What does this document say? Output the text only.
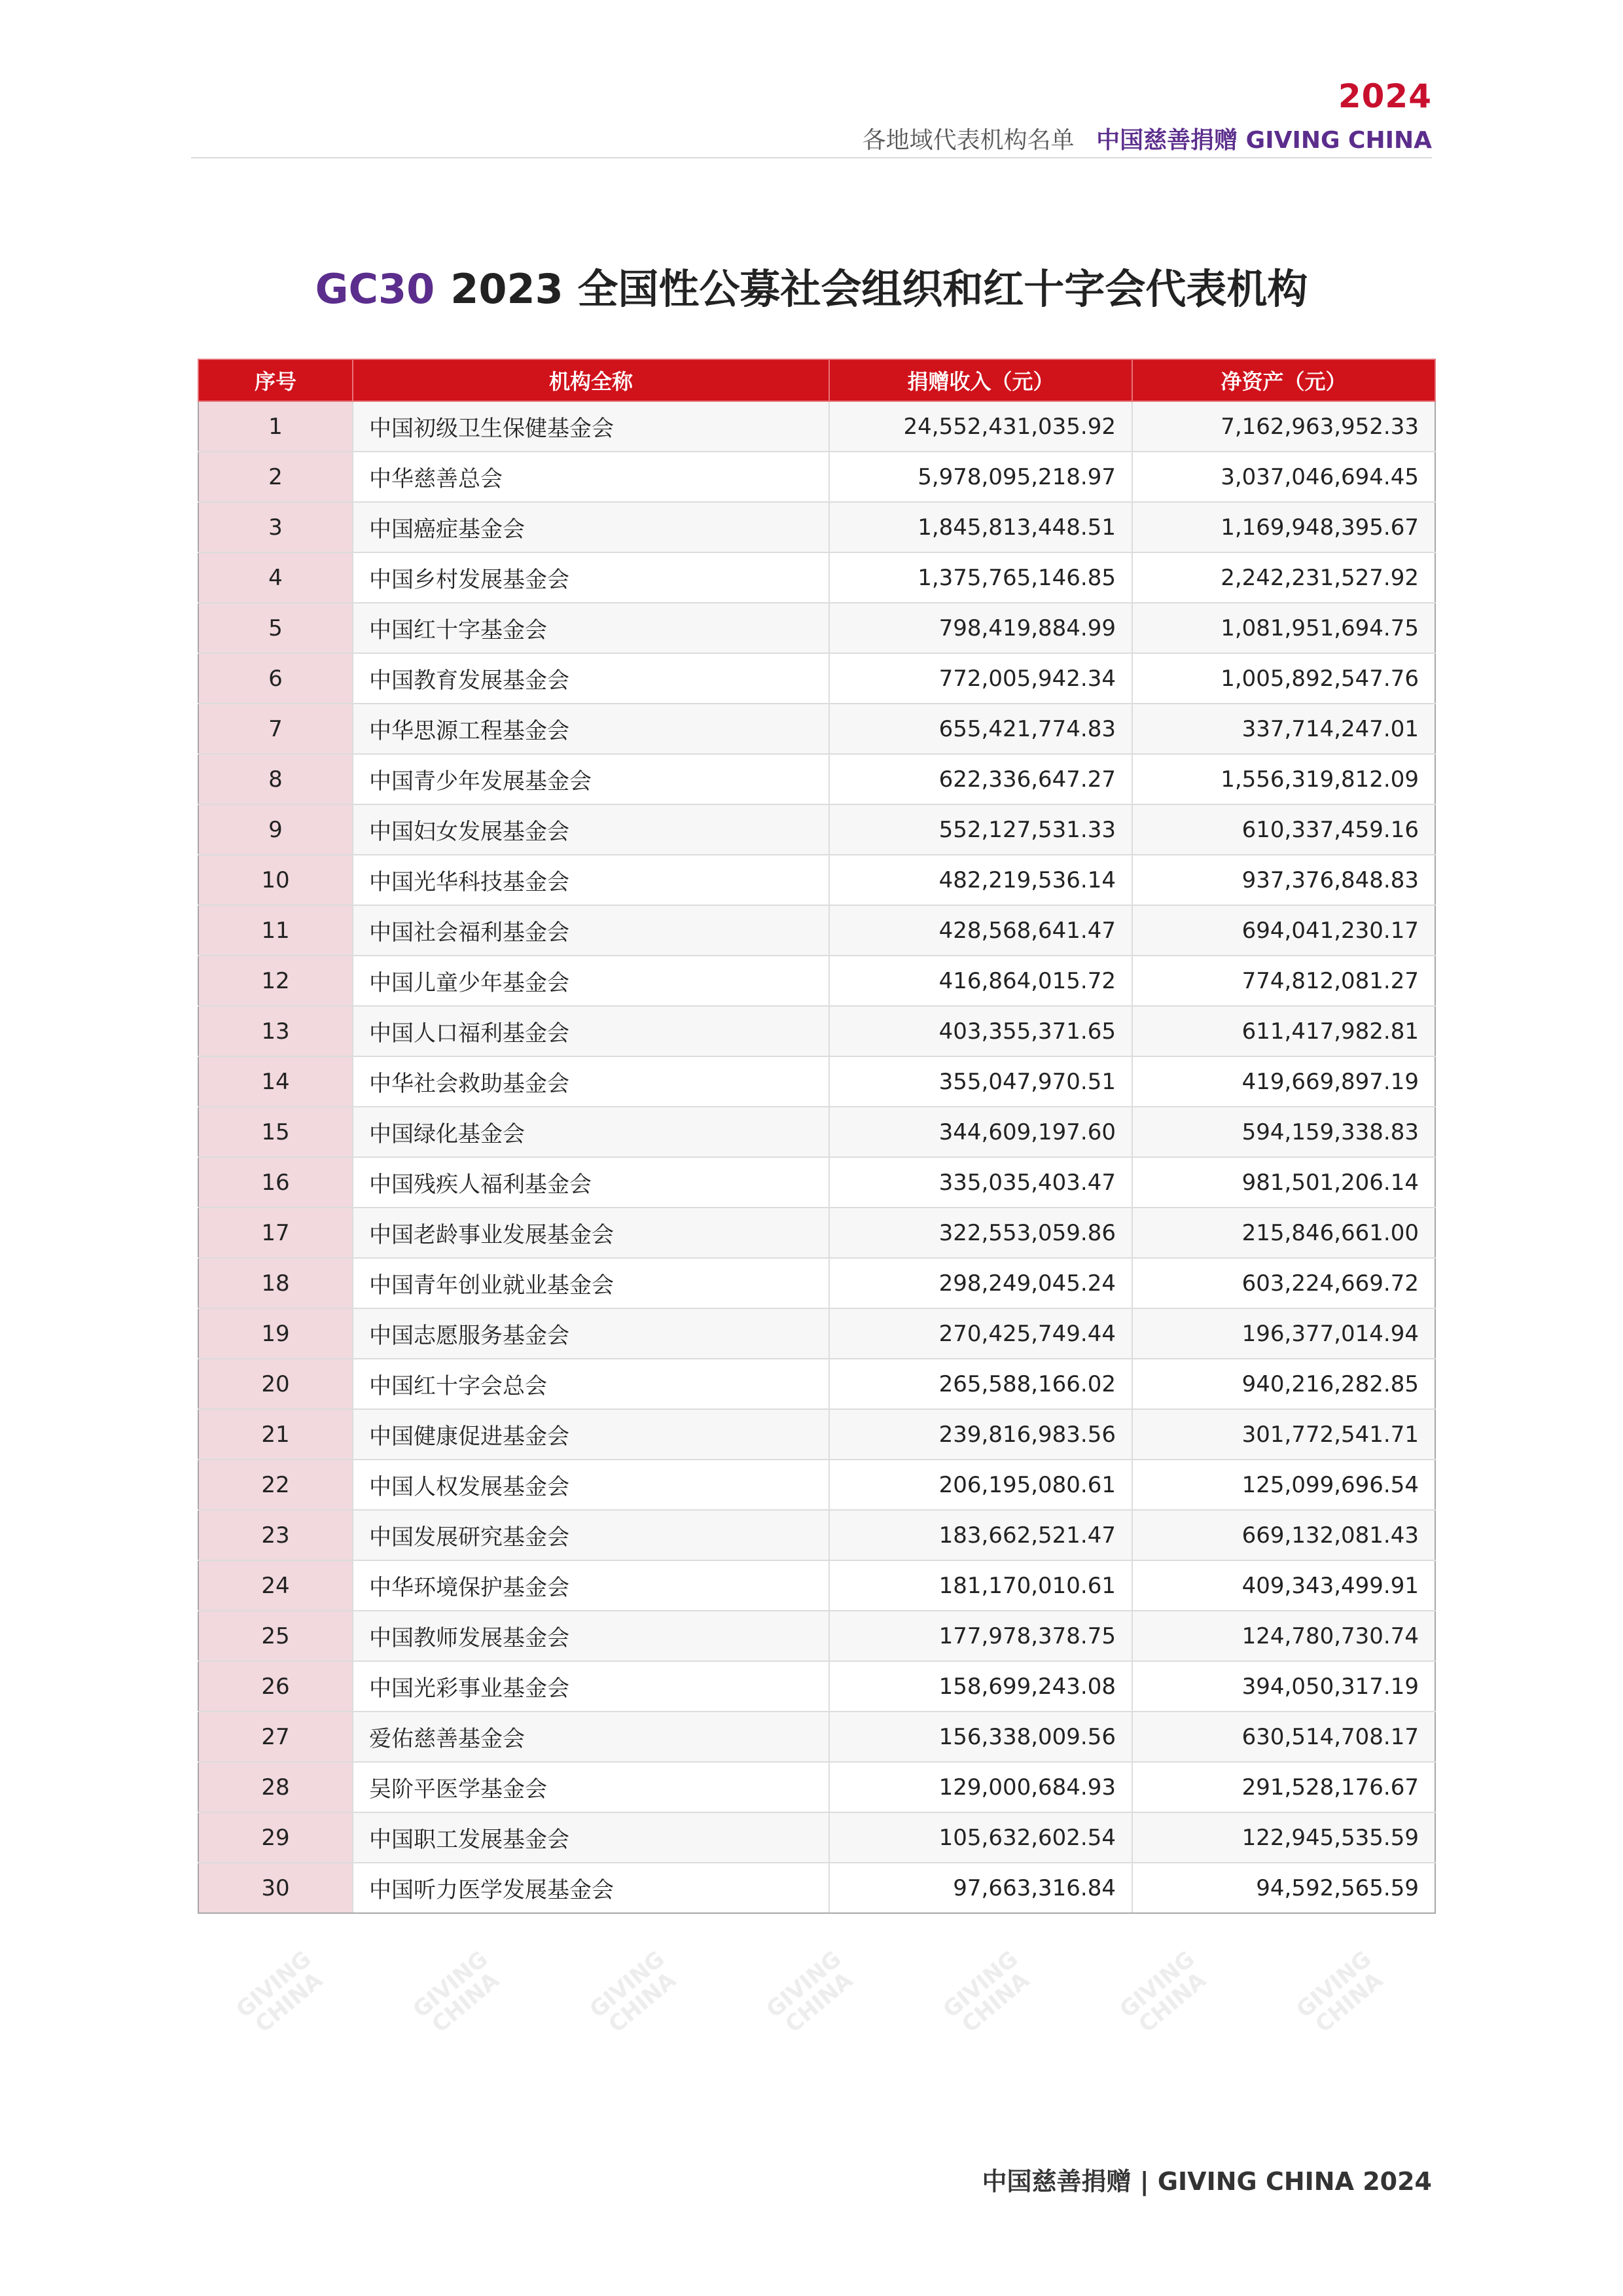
2024
各地域代表机构名单 中国慈善捐赠 GIVING CHINA
GC30 2023 全国性公募社会组织和红十字会代表机构
GIVING CHINA	GIVING CHINA	GIVING CHINA	GIVING CHINA	GIVING CHINA	GIVING CHINA	GIVING CHINA
序号	机构全称	捐赠收入（元）	净资产（元）
1	中国初级卫生保健基金会	24,552,431,035.92	7,162,963,952.33
2	中华慈善总会	5,978,095,218.97	3,037,046,694.45
3	中国癌症基金会	1,845,813,448.51	1,169,948,395.67
4	中国乡村发展基金会	1,375,765,146.85	2,242,231,527.92
5	中国红十字基金会	798,419,884.99	1,081,951,694.75
6	中国教育发展基金会	772,005,942.34	1,005,892,547.76
7	中华思源工程基金会	655,421,774.83	337,714,247.01
8	中国青少年发展基金会	622,336,647.27	1,556,319,812.09
9	中国妇女发展基金会	552,127,531.33	610,337,459.16
10	中国光华科技基金会	482,219,536.14	937,376,848.83
11	中国社会福利基金会	428,568,641.47	694,041,230.17
12	中国儿童少年基金会	416,864,015.72	774,812,081.27
13	中国人口福利基金会	403,355,371.65	611,417,982.81
14	中华社会救助基金会	355,047,970.51	419,669,897.19
15	中国绿化基金会	344,609,197.60	594,159,338.83
16	中国残疾人福利基金会	335,035,403.47	981,501,206.14
17	中国老龄事业发展基金会	322,553,059.86	215,846,661.00
18	中国青年创业就业基金会	298,249,045.24	603,224,669.72
19	中国志愿服务基金会	270,425,749.44	196,377,014.94
20	中国红十字会总会	265,588,166.02	940,216,282.85
21	中国健康促进基金会	239,816,983.56	301,772,541.71
22	中国人权发展基金会	206,195,080.61	125,099,696.54
23	中国发展研究基金会	183,662,521.47	669,132,081.43
24	中华环境保护基金会	181,170,010.61	409,343,499.91
25	中国教师发展基金会	177,978,378.75	124,780,730.74
26	中国光彩事业基金会	158,699,243.08	394,050,317.19
27	爱佑慈善基金会	156,338,009.56	630,514,708.17
28	吴阶平医学基金会	129,000,684.93	291,528,176.67
29	中国职工发展基金会	105,632,602.54	122,945,535.59
30	中国听力医学发展基金会	97,663,316.84	94,592,565.59
中国慈善捐赠 | GIVING CHINA 2024
